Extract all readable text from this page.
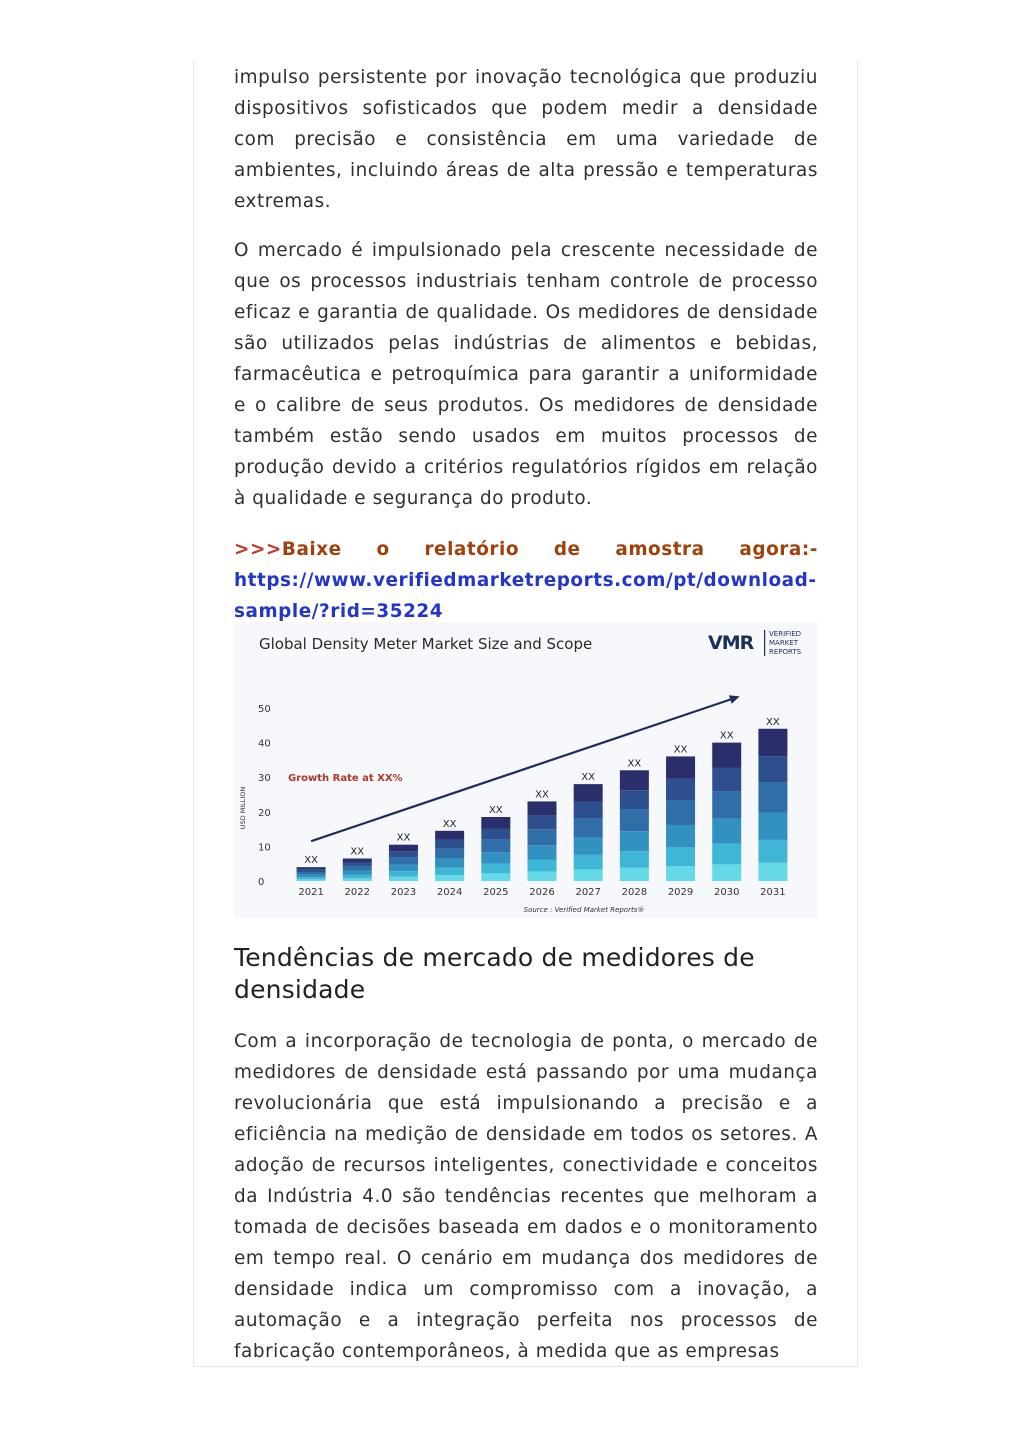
impulso persistente por inovação tecnológica que produziu dispositivos sofisticados que podem medir a densidade com precisão e consistência em uma variedade de ambientes, incluindo áreas de alta pressão e temperaturas extremas.

O mercado é impulsionado pela crescente necessidade de que os processos industriais tenham controle de processo eficaz e garantia de qualidade. Os medidores de densidade são utilizados pelas indústrias de alimentos e bebidas, farmacêutica e petroquímica para garantir a uniformidade e o calibre de seus produtos. Os medidores de densidade também estão sendo usados em muitos processos de produção devido a critérios regulatórios rígidos em relação à qualidade e segurança do produto.

>>>Baixe o relatório de amostra agora:-
https://www.verifiedmarketreports.com/pt/download-
sample/?rid=35224
Global Density Meter Market Size and Scope	VMR VERIFIED
MARKET
REPORTS
USD MILLION
Growth Rate at XX%
Source : Verified Market Reports®
0
10
20
30
40
50
XX
XX
XX
XX
XX
XX
XX
XX
XX
XX
XX
2021 2022 2023 2024 2025 2026 2027 2028 2029 2030 2031
Tendências de mercado de medidores de densidade

Com a incorporação de tecnologia de ponta, o mercado de medidores de densidade está passando por uma mudança revolucionária que está impulsionando a precisão e a eficiência na medição de densidade em todos os setores. A adoção de recursos inteligentes, conectividade e conceitos da Indústria 4.0 são tendências recentes que melhoram a tomada de decisões baseada em dados e o monitoramento em tempo real. O cenário em mudança dos medidores de densidade indica um compromisso com a inovação, a automação e a integração perfeita nos processos de fabricação contemporâneos, à medida que as empresas
